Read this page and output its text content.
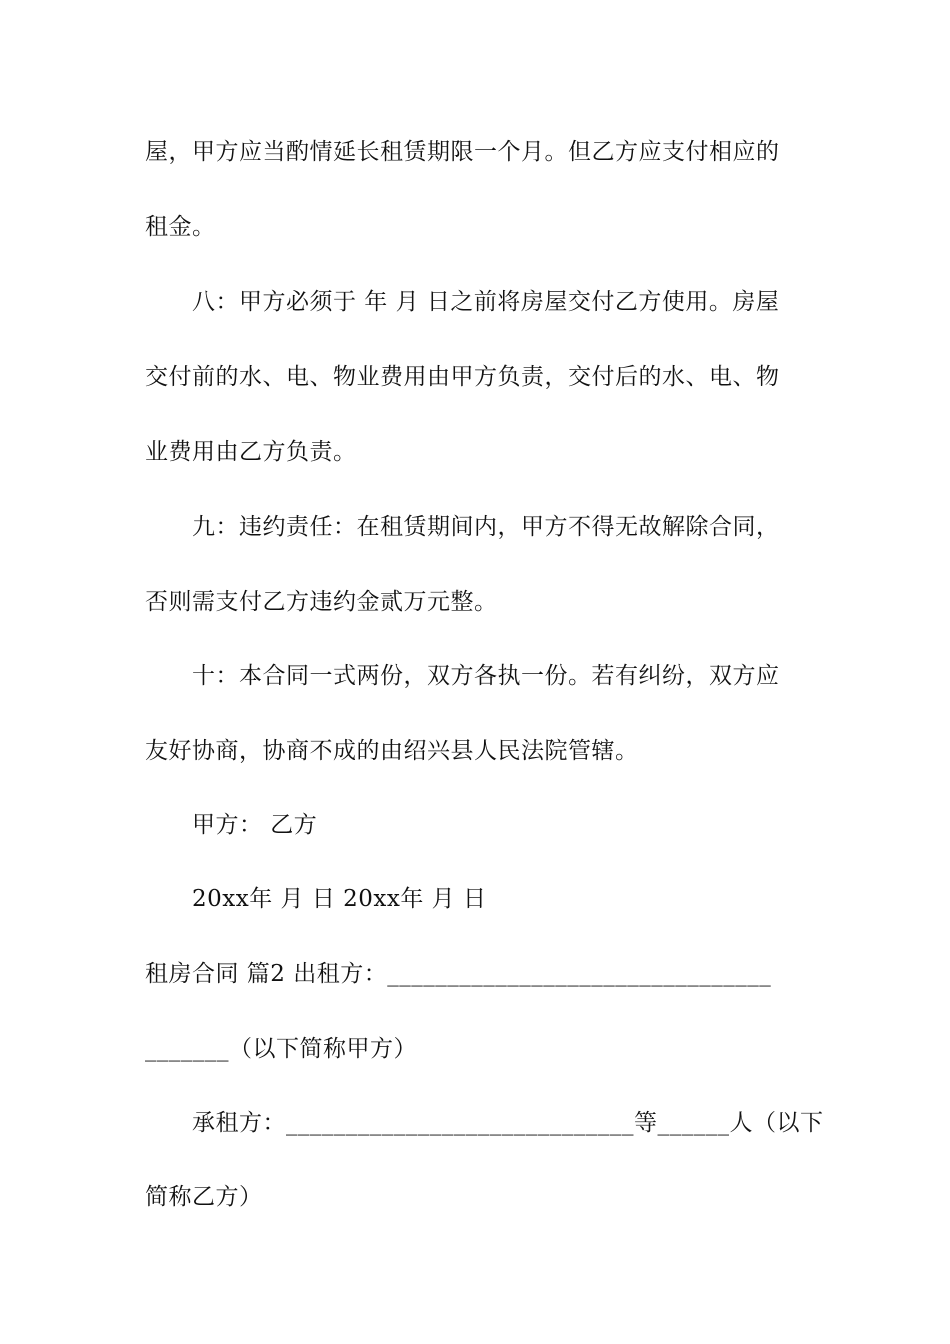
屋，甲方应当酌情延长租赁期限一个月。但乙方应支付相应的
租金。
八：甲方必须于 年 月 日之前将房屋交付乙方使用。房屋
交付前的水、电、物业费用由甲方负责，交付后的水、电、物
业费用由乙方负责。
九：违约责任：在租赁期间内，甲方不得无故解除合同，
否则需支付乙方违约金贰万元整。
十：本合同一式两份，双方各执一份。若有纠纷，双方应
友好协商，协商不成的由绍兴县人民法院管辖。
甲方： 乙方
20xx年 月 日 20xx年 月 日
租房合同 篇2 出租方：________________________________
_______（以下简称甲方）
承租方：_____________________________等______人（以下
简称乙方）
